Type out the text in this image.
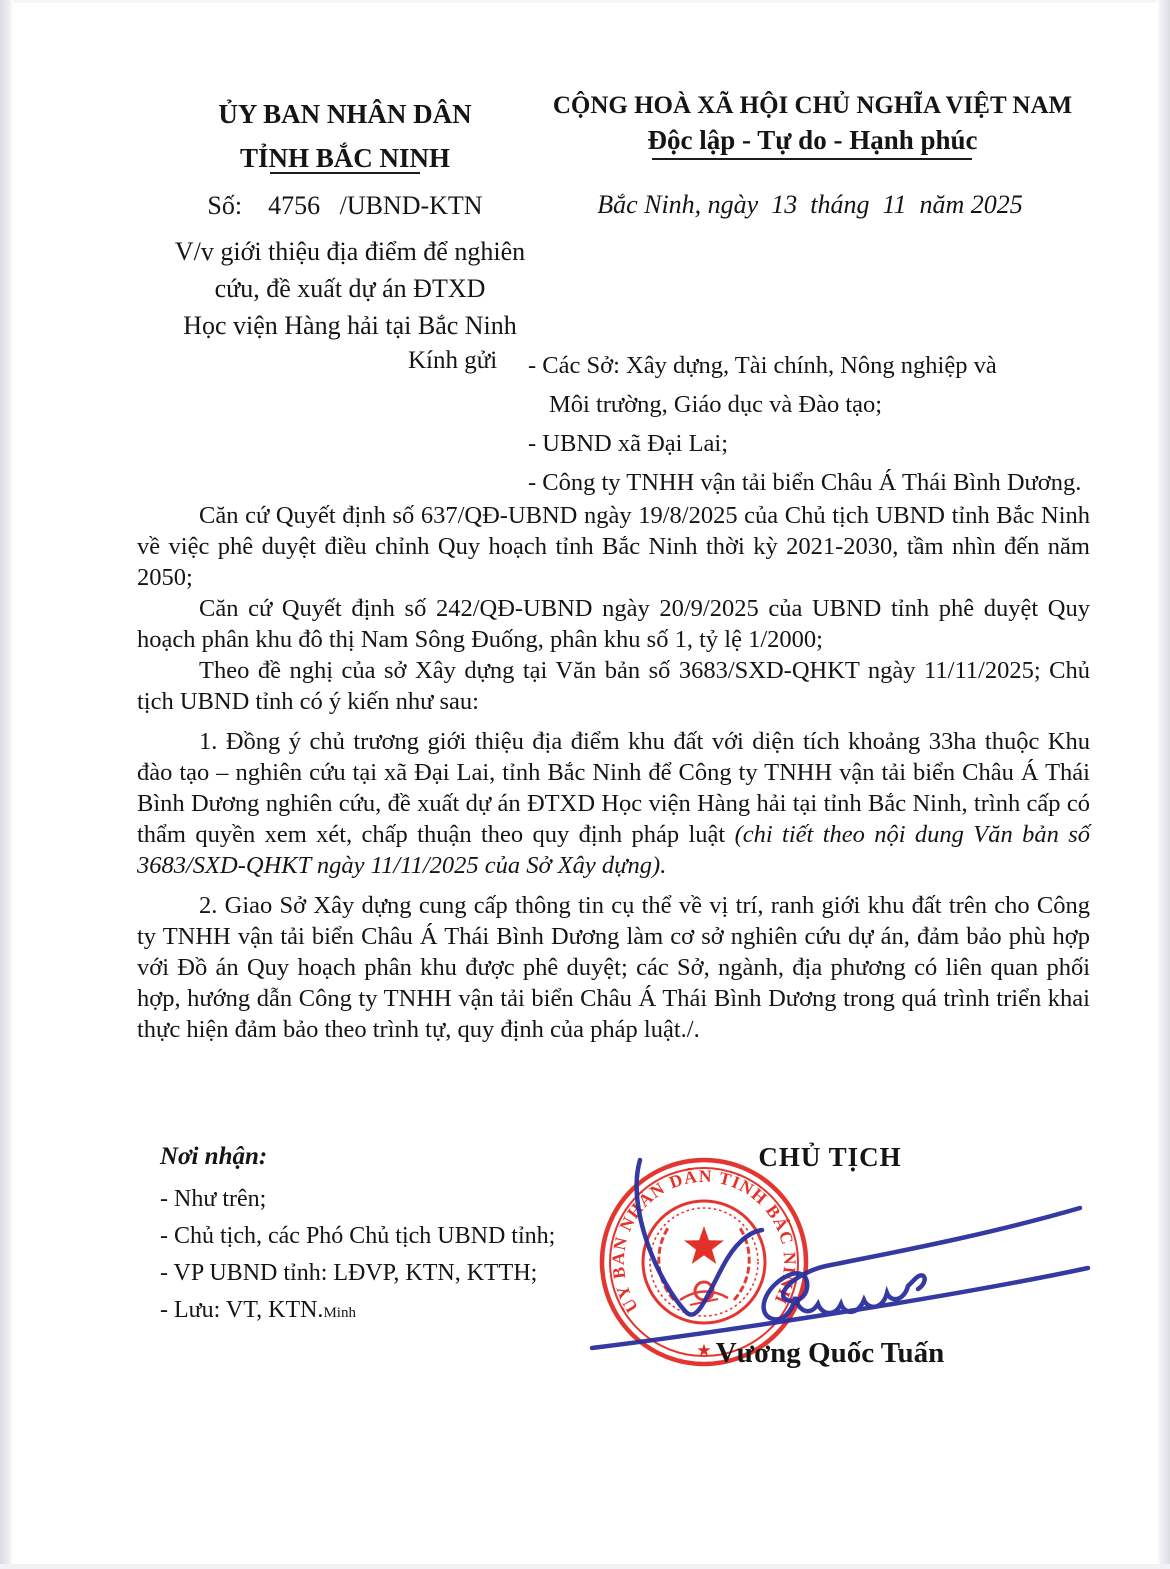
ỦY BAN NHÂN DÂN
TỈNH BẮC NINH
CỘNG HOÀ XÃ HỘI CHỦ NGHĨA VIỆT NAM
Độc lập - Tự do - Hạnh phúc
Số:    4756   /UBND-KTN	Bắc Ninh, ngày  13  tháng  11  năm 2025
V/v giới thiệu địa điểm để nghiên
cứu, đề xuất dự án ĐTXD
Học viện Hàng hải tại Bắc Ninh
Kính gửi - Các Sở: Xây dựng, Tài chính, Nông nghiệp và
Môi trường, Giáo dục và Đào tạo;
- UBND xã Đại Lai;
- Công ty TNHH vận tải biển Châu Á Thái Bình Dương.

Căn cứ Quyết định số 637/QĐ-UBND ngày 19/8/2025 của Chủ tịch UBND tỉnh Bắc Ninh về việc phê duyệt điều chỉnh Quy hoạch tỉnh Bắc Ninh thời kỳ 2021-2030, tầm nhìn đến năm 2050;

Căn cứ Quyết định số 242/QĐ-UBND ngày 20/9/2025 của UBND tỉnh phê duyệt Quy hoạch phân khu đô thị Nam Sông Đuống, phân khu số 1, tỷ lệ 1/2000;

Theo đề nghị của sở Xây dựng tại Văn bản số 3683/SXD-QHKT ngày 11/11/2025; Chủ tịch UBND tỉnh có ý kiến như sau:

1. Đồng ý chủ trương giới thiệu địa điểm khu đất với diện tích khoảng 33ha thuộc Khu đào tạo – nghiên cứu tại xã Đại Lai, tỉnh Bắc Ninh để Công ty TNHH vận tải biển Châu Á Thái Bình Dương nghiên cứu, đề xuất dự án ĐTXD Học viện Hàng hải tại tỉnh Bắc Ninh, trình cấp có thẩm quyền xem xét, chấp thuận theo quy định pháp luật (chi tiết theo nội dung Văn bản số 3683/SXD-QHKT ngày 11/11/2025 của Sở Xây dựng).

2. Giao Sở Xây dựng cung cấp thông tin cụ thể về vị trí, ranh giới khu đất trên cho Công ty TNHH vận tải biển Châu Á Thái Bình Dương làm cơ sở nghiên cứu dự án, đảm bảo phù hợp với Đồ án Quy hoạch phân khu được phê duyệt; các Sở, ngành, địa phương có liên quan phối hợp, hướng dẫn Công ty TNHH vận tải biển Châu Á Thái Bình Dương trong quá trình triển khai thực hiện đảm bảo theo trình tự, quy định của pháp luật./.

Nơi nhận:
- Như trên;
- Chủ tịch, các Phó Chủ tịch UBND tỉnh;
- VP UBND tỉnh: LĐVP, KTN, KTTH;
- Lưu: VT, KTN.Minh
CHỦ TỊCH
ỦY BAN NHÂN DÂN TỈNH BẮC NINH
★ Vương Quốc Tuấn
